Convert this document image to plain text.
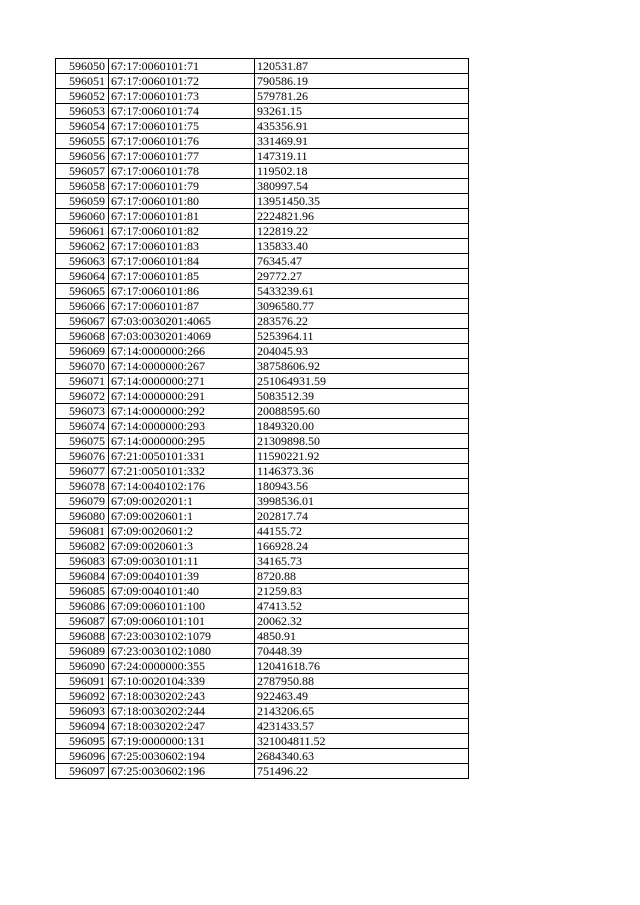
596050	67:17:0060101:71	120531.87
596051	67:17:0060101:72	790586.19
596052	67:17:0060101:73	579781.26
596053	67:17:0060101:74	93261.15
596054	67:17:0060101:75	435356.91
596055	67:17:0060101:76	331469.91
596056	67:17:0060101:77	147319.11
596057	67:17:0060101:78	119502.18
596058	67:17:0060101:79	380997.54
596059	67:17:0060101:80	13951450.35
596060	67:17:0060101:81	2224821.96
596061	67:17:0060101:82	122819.22
596062	67:17:0060101:83	135833.40
596063	67:17:0060101:84	76345.47
596064	67:17:0060101:85	29772.27
596065	67:17:0060101:86	5433239.61
596066	67:17:0060101:87	3096580.77
596067	67:03:0030201:4065	283576.22
596068	67:03:0030201:4069	5253964.11
596069	67:14:0000000:266	204045.93
596070	67:14:0000000:267	38758606.92
596071	67:14:0000000:271	251064931.59
596072	67:14:0000000:291	5083512.39
596073	67:14:0000000:292	20088595.60
596074	67:14:0000000:293	1849320.00
596075	67:14:0000000:295	21309898.50
596076	67:21:0050101:331	11590221.92
596077	67:21:0050101:332	1146373.36
596078	67:14:0040102:176	180943.56
596079	67:09:0020201:1	3998536.01
596080	67:09:0020601:1	202817.74
596081	67:09:0020601:2	44155.72
596082	67:09:0020601:3	166928.24
596083	67:09:0030101:11	34165.73
596084	67:09:0040101:39	8720.88
596085	67:09:0040101:40	21259.83
596086	67:09:0060101:100	47413.52
596087	67:09:0060101:101	20062.32
596088	67:23:0030102:1079	4850.91
596089	67:23:0030102:1080	70448.39
596090	67:24:0000000:355	12041618.76
596091	67:10:0020104:339	2787950.88
596092	67:18:0030202:243	922463.49
596093	67:18:0030202:244	2143206.65
596094	67:18:0030202:247	4231433.57
596095	67:19:0000000:131	321004811.52
596096	67:25:0030602:194	2684340.63
596097	67:25:0030602:196	751496.22
